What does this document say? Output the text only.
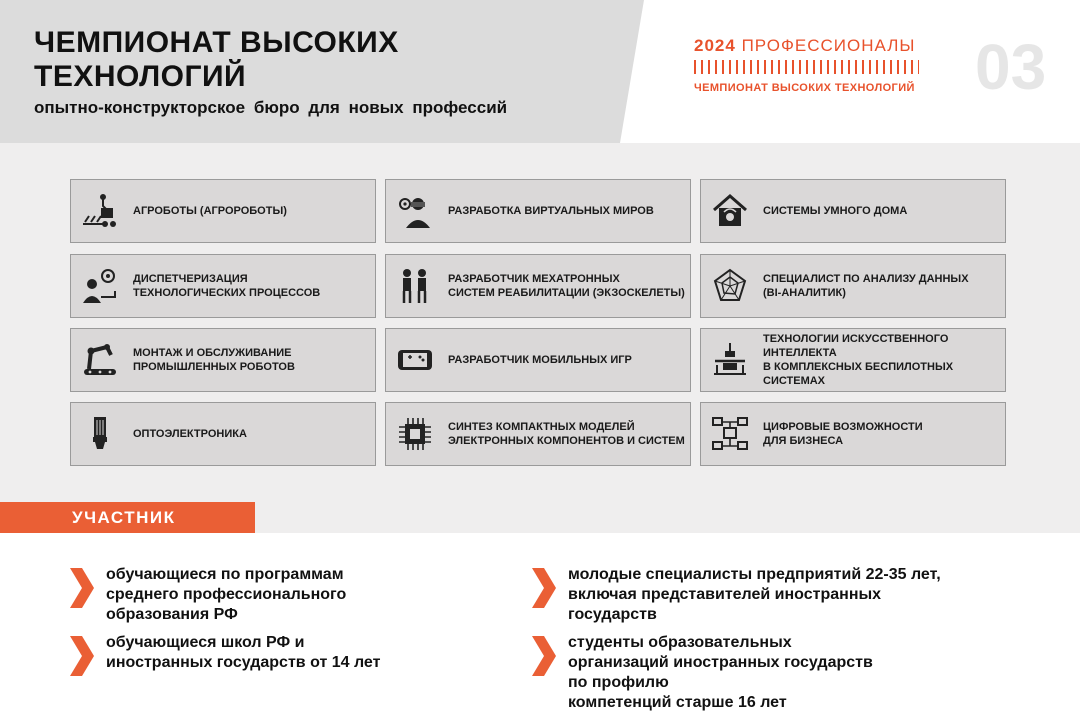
ЧЕМПИОНАТ ВЫСОКИХ
ТЕХНОЛОГИЙ
опытно-конструкторское бюро для новых профессий
2024 ПРОФЕССИОНАЛЫ
ЧЕМПИОНАТ ВЫСОКИХ ТЕХНОЛОГИЙ 03
АГРОБОТЫ (АГРОРОБОТЫ)	РАЗРАБОТКА ВИРТУАЛЬНЫХ МИРОВ	СИСТЕМЫ УМНОГО ДОМА
ДИСПЕТЧЕРИЗАЦИЯ
ТЕХНОЛОГИЧЕСКИХ ПРОЦЕССОВ
РАЗРАБОТЧИК МЕХАТРОННЫХ
СИСТЕМ РЕАБИЛИТАЦИИ (ЭКЗОСКЕЛЕТЫ)
СПЕЦИАЛИСТ ПО АНАЛИЗУ ДАННЫХ
(BI-АНАЛИТИК)
МОНТАЖ И ОБСЛУЖИВАНИЕ
ПРОМЫШЛЕННЫХ РОБОТОВ
РАЗРАБОТЧИК МОБИЛЬНЫХ ИГР
ТЕХНОЛОГИИ ИСКУССТВЕННОГО ИНТЕЛЛЕКТА
В КОМПЛЕКСНЫХ БЕСПИЛОТНЫХ СИСТЕМАХ
ОПТОЭЛЕКТРОНИКА
СИНТЕЗ КОМПАКТНЫХ МОДЕЛЕЙ
ЭЛЕКТРОННЫХ КОМПОНЕНТОВ И СИСТЕМ
ЦИФРОВЫЕ ВОЗМОЖНОСТИ
ДЛЯ БИЗНЕСА
УЧАСТНИК
обучающиеся по программам
среднего профессионального
образования РФ
молодые специалисты предприятий 22-35 лет,
включая представителей иностранных
государств
обучающиеся школ РФ и
иностранных государств от 14 лет
студенты образовательных
организаций иностранных государств
по профилю
компетенций старше 16 лет
